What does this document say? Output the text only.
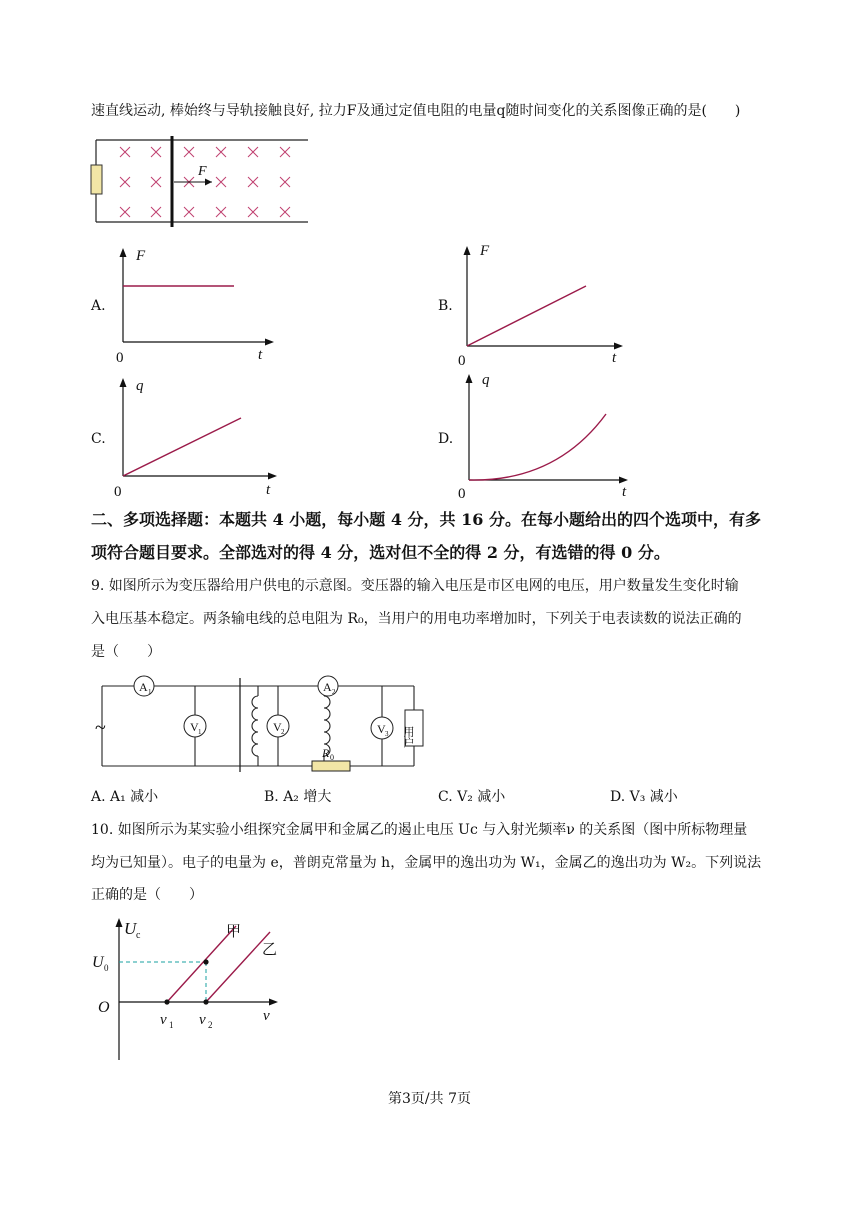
速直线运动, 棒始终与导轨接触良好, 拉力F及通过定值电阻的电量q随时间变化的关系图像正确的是(　　)
F
A.	B.
C.	D.
F
t
0
F
t
0
q
t
0
q
t
0
二、多项选择题：本题共 4 小题，每小题 4 分，共 16 分。在每小题给出的四个选项中，有多
项符合题目要求。全部选对的得 4 分，选对但不全的得 2 分，有选错的得 0 分。
9. 如图所示为变压器给用户供电的示意图。变压器的输入电压是市区电网的电压，用户数量发生变化时输
入电压基本稳定。两条输电线的总电阻为 R₀，当用户的用电功率增加时，下列关于电表读数的说法正确的
是（　　）
~
A 1
V 1	V 2
A 2
V 3
R 0
用户
A. A₁ 减小	B. A₂ 增大	C. V₂ 减小	D. V₃ 减小
10. 如图所示为某实验小组探究金属甲和金属乙的遏止电压 Uc 与入射光频率ν 的关系图（图中所标物理量
均为已知量）。电子的电量为 e，普朗克常量为 h，金属甲的逸出功为 W₁，金属乙的逸出功为 W₂。下列说法
正确的是（　　）
U c
U 0
O
ν 1 ν 2
ν
甲
乙
第3页/共 7页
